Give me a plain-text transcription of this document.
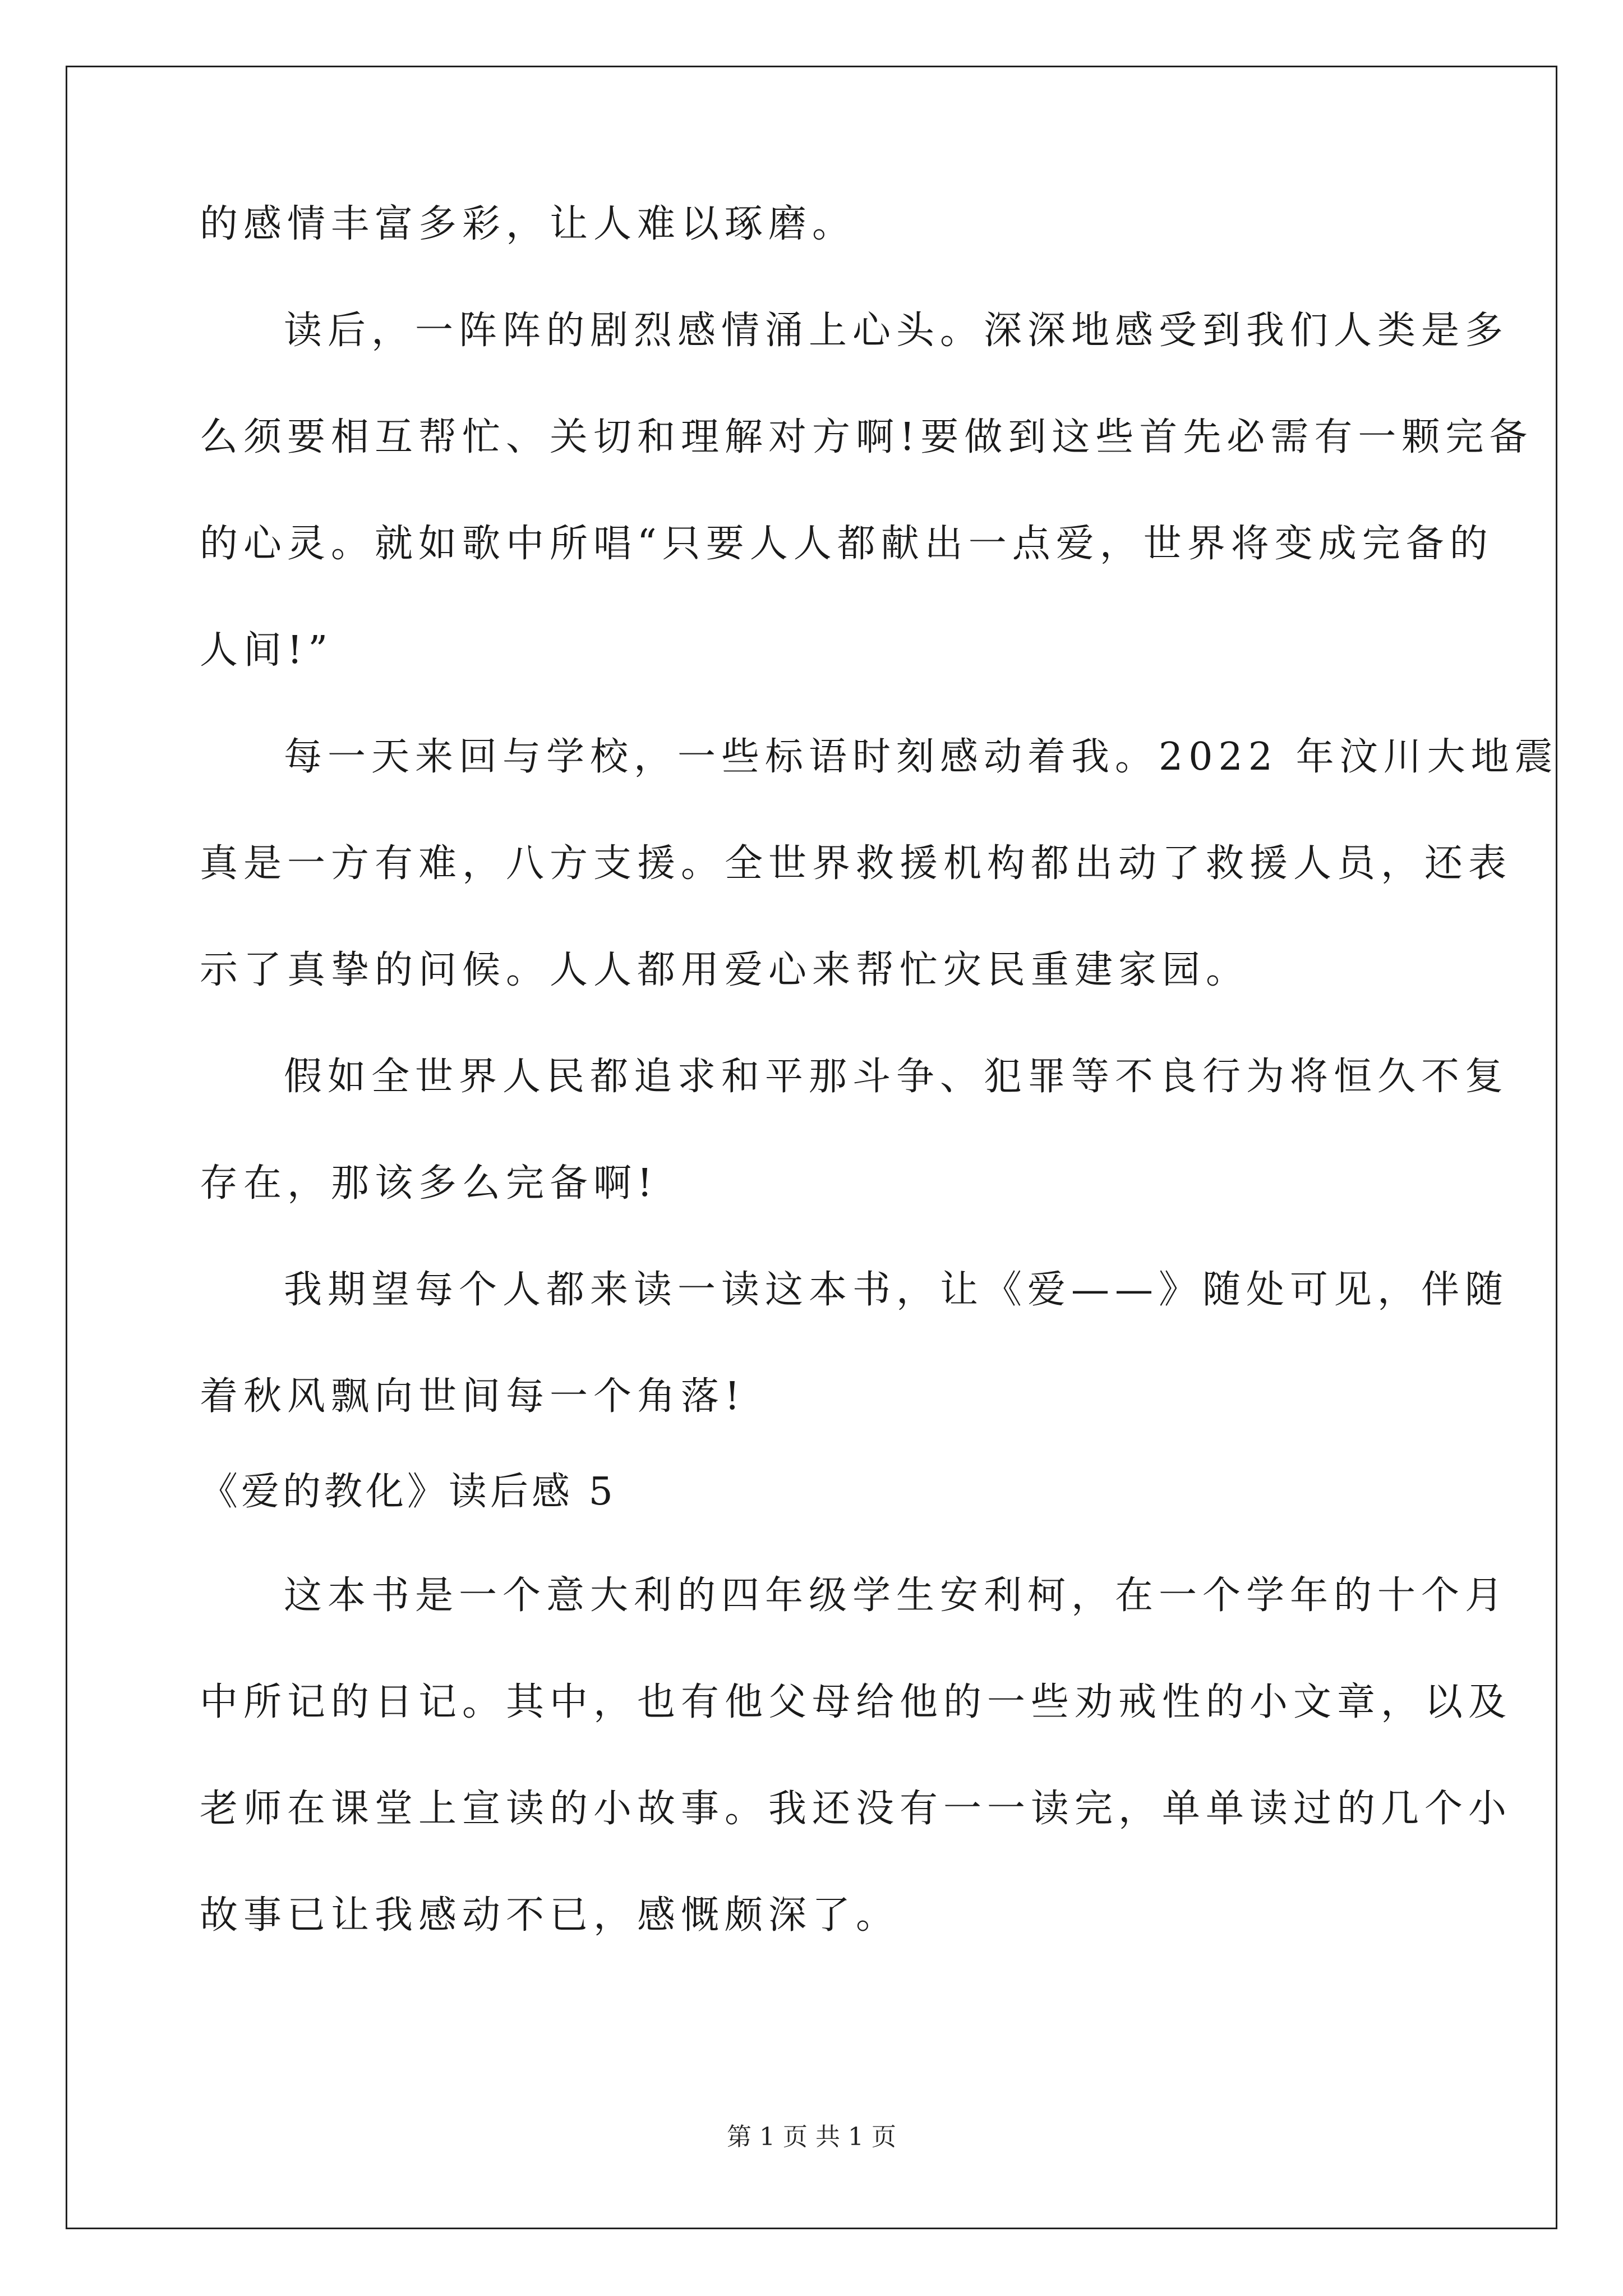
的感情丰富多彩，让人难以琢磨。
读后，一阵阵的剧烈感情涌上心头。深深地感受到我们人类是多
么须要相互帮忙、关切和理解对方啊!要做到这些首先必需有一颗完备
的心灵。就如歌中所唱“只要人人都献出一点爱，世界将变成完备的
人间!”
每一天来回与学校，一些标语时刻感动着我。2022 年汶川大地震
真是一方有难，八方支援。全世界救援机构都出动了救援人员，还表
示了真挚的问候。人人都用爱心来帮忙灾民重建家园。
假如全世界人民都追求和平那斗争、犯罪等不良行为将恒久不复
存在，那该多么完备啊!
我期望每个人都来读一读这本书，让《爱——》随处可见，伴随
着秋风飘向世间每一个角落!
《爱的教化》读后感 5
这本书是一个意大利的四年级学生安利柯，在一个学年的十个月
中所记的日记。其中，也有他父母给他的一些劝戒性的小文章，以及
老师在课堂上宣读的小故事。我还没有一一读完，单单读过的几个小
故事已让我感动不已，感慨颇深了。
第 1 页 共 1 页
